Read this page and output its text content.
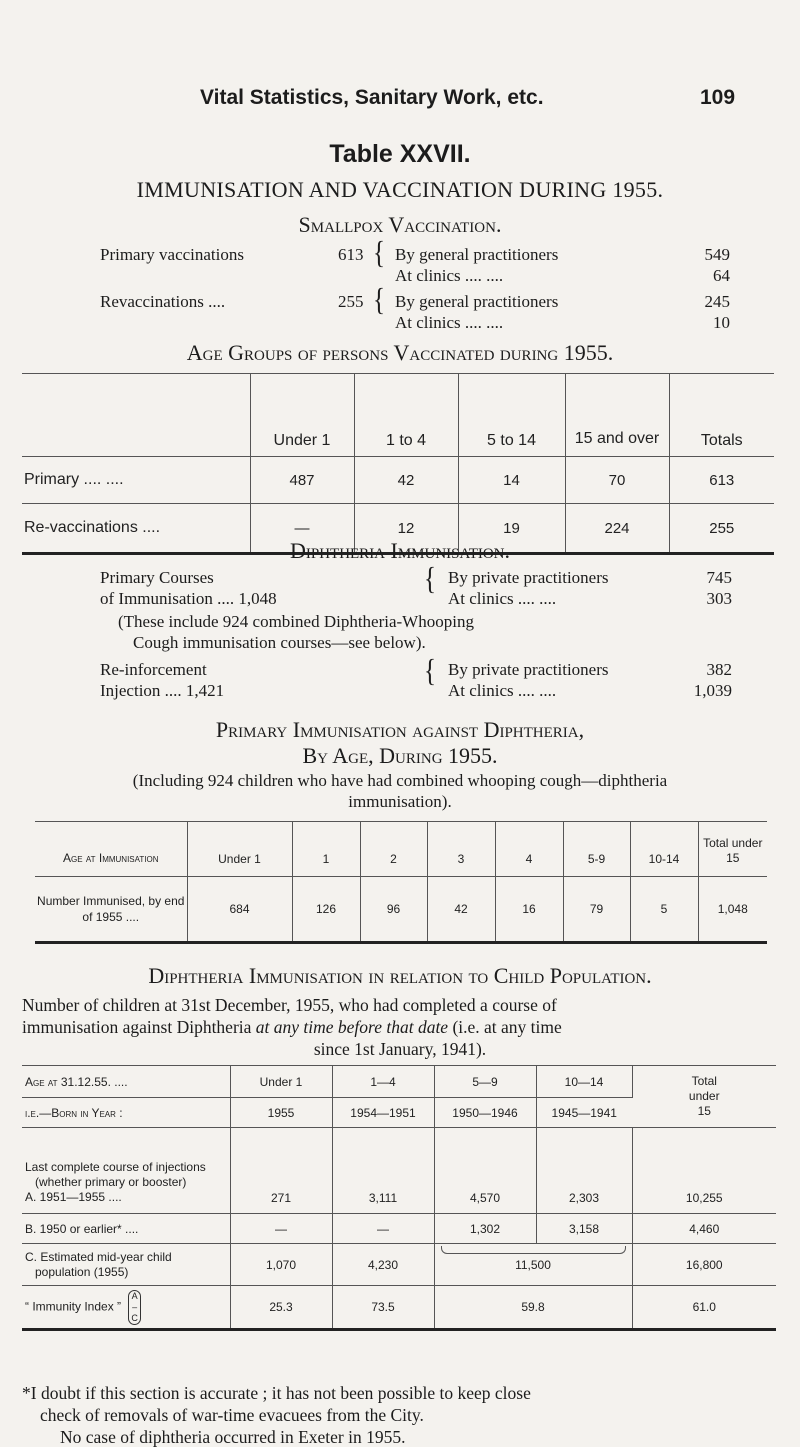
Vital Statistics, Sanitary Work, etc.	109
Table XXVII.
IMMUNISATION AND VACCINATION DURING 1955.
Smallpox Vaccination.
Primary vaccinations	613 { By general practitioners	549
At clinics .... ....	64
Revaccinations ....	255 { By general practitioners	245
At clinics .... ....	10
Age Groups of persons Vaccinated during 1955.
	Under 1	1 to 4	5 to 14	15 and over	Totals
Primary .... ....	487	42	14	70	613
Re-vaccinations ....	—	12	19	224	255
Diphtheria Immunisation.
Primary Courses
of Immunisation .... 1,048
{ By private practitioners	745
At clinics .... ....	303
(These include 924 combined Diphtheria-Whooping
Cough immunisation courses—see below).
Re-inforcement
Injection .... 1,421
{ By private practitioners	382
At clinics .... ....	1,039
Primary Immunisation against Diphtheria,
By Age, During 1955.
(Including 924 children who have had combined whooping cough—diphtheria
immunisation).
Age at Immunisation	Under 1	1	2	3	4	5-9	10-14	Total under 15
Number Immunised, by end of 1955 ....	684	126	96	42	16	79	5	1,048
Diphtheria Immunisation in relation to Child Population.
Number of children at 31st December, 1955, who had completed a course of
immunisation against Diphtheria at any time before that date (i.e. at any time
since 1st January, 1941).
Age at 31.12.55. ....	Under 1	1—4	5—9	10—14	Total under 15
i.e.—Born in Year :	1955	1954—1951	1950—1946	1945—1941	

Last complete course of injections (whether primary or booster)
A. 1951—1955 ....	271	3,111	4,570	2,303	10,255
B. 1950 or earlier* ....	—	—	1,302	3,158	4,460

C. Estimated mid-year child population (1955)	1,070	4,230	11,500		16,800
“ Immunity Index ” A
–
C	25.3	73.5	59.8		61.0
*I doubt if this section is accurate ; it has not been possible to keep close
check of removals of war-time evacuees from the City.
No case of diphtheria occurred in Exeter in 1955.
